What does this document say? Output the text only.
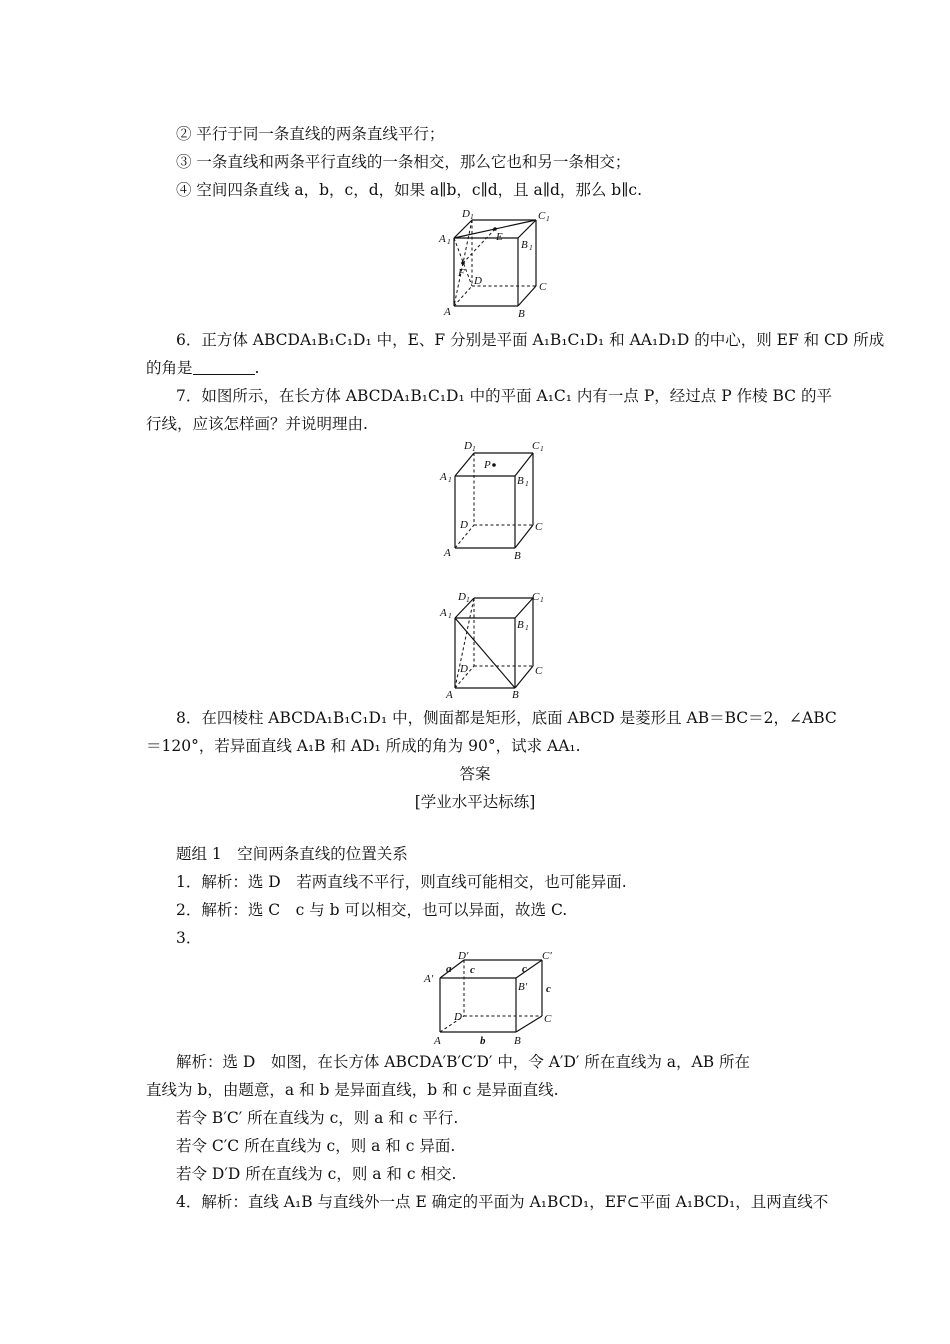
② 平行于同一条直线的两条直线平行；
③ 一条直线和两条平行直线的一条相交，那么它也和另一条相交；
④ 空间四条直线 a，b，c，d，如果 a∥b，c∥d，且 a∥d，那么 b∥c.
D 1	C 1
A 1	B 1
E
F
D	C
A	B
6．正方体 ABCDA₁B₁C₁D₁ 中，E、F 分别是平面 A₁B₁C₁D₁ 和 AA₁D₁D 的中心，则 EF 和 CD 所成
的角是	.
7．如图所示，在长方体 ABCDA₁B₁C₁D₁ 中的平面 A₁C₁ 内有一点 P，经过点 P 作棱 BC 的平
行线，应该怎样画？并说明理由.
D 1	C 1
A 1	B 1
P
D	C
A	B
D 1	C 1
A 1
B 1
D	C
A	B
8．在四棱柱 ABCDA₁B₁C₁D₁ 中，侧面都是矩形，底面 ABCD 是菱形且 AB＝BC＝2，∠ABC
＝120°，若异面直线 A₁B 和 AD₁ 所成的角为 90°，试求 AA₁.
答案
[学业水平达标练]
题组 1　空间两条直线的位置关系
1．解析：选 D　若两直线不平行，则直线可能相交，也可能异面.
2．解析：选 C　c 与 b 可以相交，也可以异面，故选 C.
3．
D′	C′
A′
B′
a c	c
c
D	C
A	b	B
解析：选 D　如图，在长方体 ABCDA′B′C′D′ 中，令 A′D′ 所在直线为 a，AB 所在
直线为 b，由题意，a 和 b 是异面直线，b 和 c 是异面直线.
若令 B′C′ 所在直线为 c，则 a 和 c 平行.
若令 C′C 所在直线为 c，则 a 和 c 异面.
若令 D′D 所在直线为 c，则 a 和 c 相交.
4．解析：直线 A₁B 与直线外一点 E 确定的平面为 A₁BCD₁，EF⊂平面 A₁BCD₁，且两直线不
